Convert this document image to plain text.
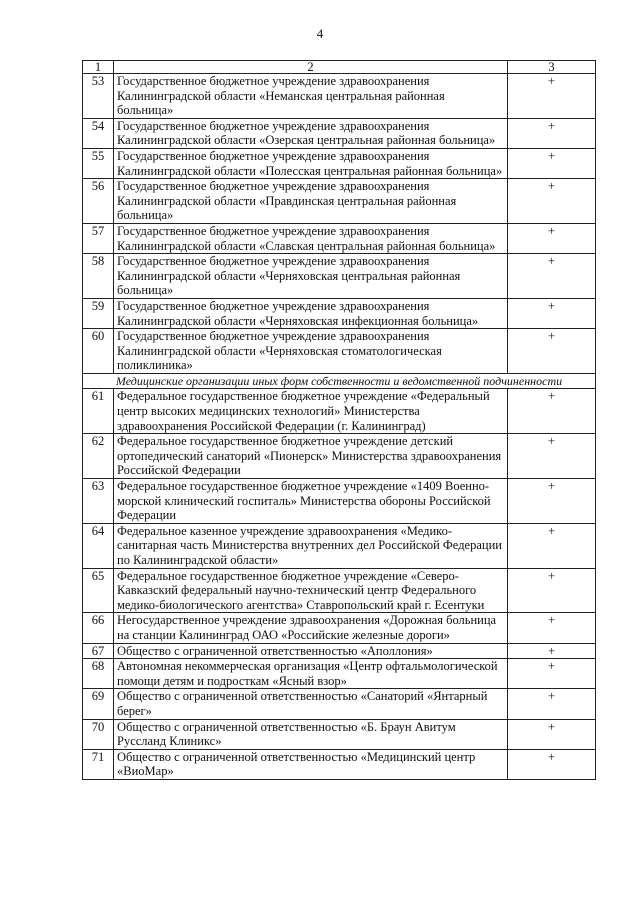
4
1	2	3
53	Государственное бюджетное учреждение здравоохранения Калининградской области «Неманская центральная районная больница»	+
54	Государственное бюджетное учреждение здравоохранения Калининградской области «Озерская центральная районная больница»	+
55	Государственное бюджетное учреждение здравоохранения Калининградской области «Полесская центральная районная больница»	+
56	Государственное бюджетное учреждение здравоохранения Калининградской области «Правдинская центральная районная больница»	+
57	Государственное бюджетное учреждение здравоохранения Калининградской области «Славская центральная районная больница»	+
58	Государственное бюджетное учреждение здравоохранения Калининградской области «Черняховская центральная районная больница»	+
59	Государственное бюджетное учреждение здравоохранения Калининградской области «Черняховская инфекционная больница»	+
60	Государственное бюджетное учреждение здравоохранения Калининградской области «Черняховская стоматологическая поликлиника»	+
Медицинские организации иных форм собственности и ведомственной подчиненности		
61	Федеральное государственное бюджетное учреждение «Федеральный центр высоких медицинских технологий» Министерства здравоохранения Российской Федерации (г. Калининград)	+
62	Федеральное государственное бюджетное учреждение детский ортопедический санаторий «Пионерск» Министерства здравоохранения Российской Федерации	+
63	Федеральное государственное бюджетное учреждение «1409 Военно-морской клинический госпиталь» Министерства обороны Российской Федерации	+
64	Федеральное казенное учреждение здравоохранения «Медико-санитарная часть Министерства внутренних дел Российской Федерации по Калининградской области»	+
65	Федеральное государственное бюджетное учреждение «Северо-Кавказский федеральный научно-технический центр Федерального медико-биологического агентства» Ставропольский край г. Есентуки	+
66	Негосударственное учреждение здравоохранения «Дорожная больница на станции Калининград ОАО «Российские железные дороги»	+
67	Общество с ограниченной ответственностью «Аполлония»	+
68	Автономная некоммерческая организация «Центр офтальмологической помощи детям и подросткам «Ясный взор»	+
69	Общество с ограниченной ответственностью «Санаторий «Янтарный берег»	+
70	Общество с ограниченной ответственностью «Б. Браун Авитум Руссланд Клиникс»	+
71	Общество с ограниченной ответственностью «Медицинский центр «ВиоМар»	+
